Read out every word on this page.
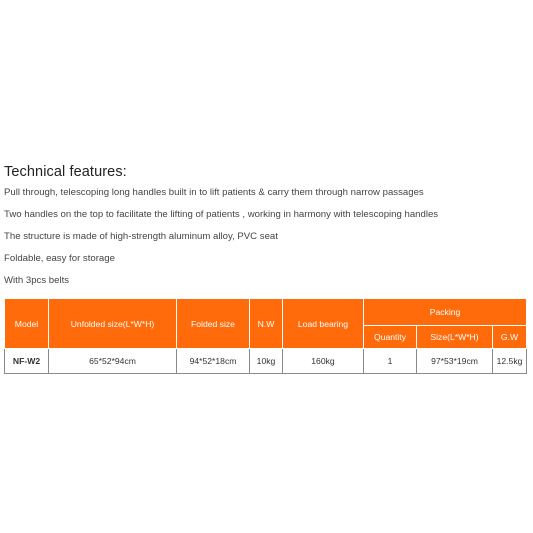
Technical features:

Pull through, telescoping long handles built in to lift patients & carry them through narrow passages

Two handles on the top to facilitate the lifting of patients , working in harmony with telescoping handles

The structure is made of high-strength aluminum alloy, PVC seat

Foldable, easy for storage

With 3pcs belts

Model	Unfolded size(L*W*H)	Folded size	N.W	Load bearing	Packing		
					Quantity	Size(L*W*H)	G.W
NF-W2	65*52*94cm	94*52*18cm	10kg	160kg	1	97*53*19cm	12.5kg
